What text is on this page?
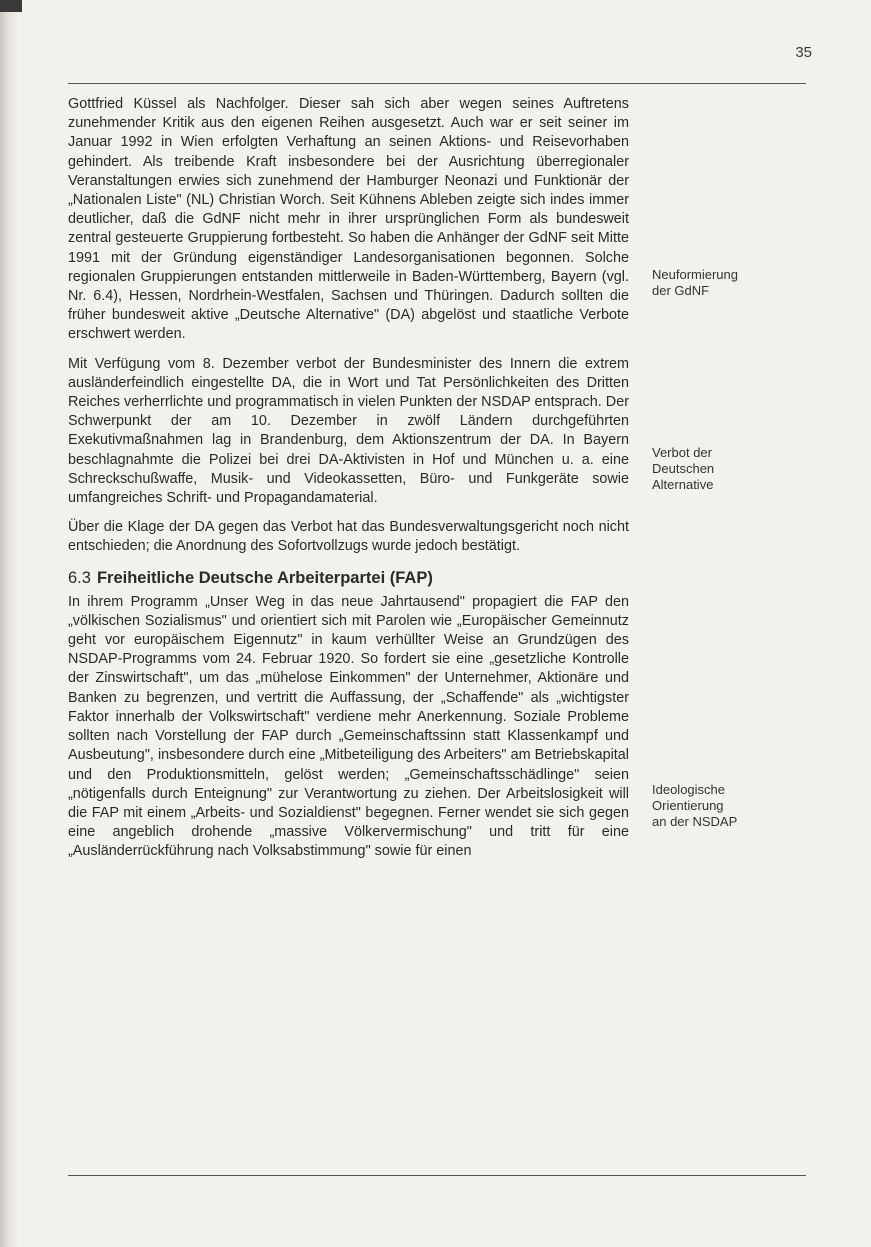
35

Gottfried Küssel als Nachfolger. Dieser sah sich aber wegen seines Auftretens zunehmender Kritik aus den eigenen Reihen ausgesetzt. Auch war er seit seiner im Januar 1992 in Wien erfolgten Verhaftung an seinen Aktions- und Reisevorhaben gehindert. Als treibende Kraft insbesondere bei der Ausrichtung überregionaler Veranstaltungen erwies sich zunehmend der Hamburger Neonazi und Funktionär der „Nationalen Liste" (NL) Christian Worch. Seit Kühnens Ableben zeigte sich indes immer deutlicher, daß die GdNF nicht mehr in ihrer ursprünglichen Form als bundesweit zentral gesteuerte Gruppierung fortbesteht. So haben die Anhänger der GdNF seit Mitte 1991 mit der Gründung eigenständiger Landesorganisationen begonnen. Solche regionalen Gruppierungen entstanden mittlerweile in Baden-Württemberg, Bayern (vgl. Nr. 6.4), Hessen, Nordrhein-Westfalen, Sachsen und Thüringen. Dadurch sollten die früher bundesweit aktive „Deutsche Alternative" (DA) abgelöst und staatliche Verbote erschwert werden.

Mit Verfügung vom 8. Dezember verbot der Bundesminister des Innern die extrem ausländerfeindlich eingestellte DA, die in Wort und Tat Persönlichkeiten des Dritten Reiches verherrlichte und programmatisch in vielen Punkten der NSDAP entsprach. Der Schwerpunkt der am 10. Dezember in zwölf Ländern durchgeführten Exekutivmaßnahmen lag in Brandenburg, dem Aktionszentrum der DA. In Bayern beschlagnahmte die Polizei bei drei DA-Aktivisten in Hof und München u. a. eine Schreckschußwaffe, Musik- und Videokassetten, Büro- und Funkgeräte sowie umfangreiches Schrift- und Propagandamaterial.

Über die Klage der DA gegen das Verbot hat das Bundesverwaltungsgericht noch nicht entschieden; die Anordnung des Sofortvollzugs wurde jedoch bestätigt.

6.3 Freiheitliche Deutsche Arbeiterpartei (FAP)

In ihrem Programm „Unser Weg in das neue Jahrtausend" propagiert die FAP den „völkischen Sozialismus" und orientiert sich mit Parolen wie „Europäischer Gemeinnutz geht vor europäischem Eigennutz" in kaum verhüllter Weise an Grundzügen des NSDAP-Programms vom 24. Februar 1920. So fordert sie eine „gesetzliche Kontrolle der Zinswirtschaft", um das „mühelose Einkommen" der Unternehmer, Aktionäre und Banken zu begrenzen, und vertritt die Auffassung, der „Schaffende" als „wichtigster Faktor innerhalb der Volkswirtschaft" verdiene mehr Anerkennung. Soziale Probleme sollten nach Vorstellung der FAP durch „Gemeinschaftssinn statt Klassenkampf und Ausbeutung", insbesondere durch eine „Mitbeteiligung des Arbeiters" am Betriebskapital und den Produktionsmitteln, gelöst werden; „Gemeinschaftsschädlinge" seien „nötigenfalls durch Enteignung" zur Verantwortung zu ziehen. Der Arbeitslosigkeit will die FAP mit einem „Arbeits- und Sozialdienst" begegnen. Ferner wendet sie sich gegen eine angeblich drohende „massive Völkervermischung" und tritt für eine „Ausländerrückführung nach Volksabstimmung" sowie für einen

Neuformierung
der GdNF
Verbot der
Deutschen
Alternative
Ideologische
Orientierung
an der NSDAP
